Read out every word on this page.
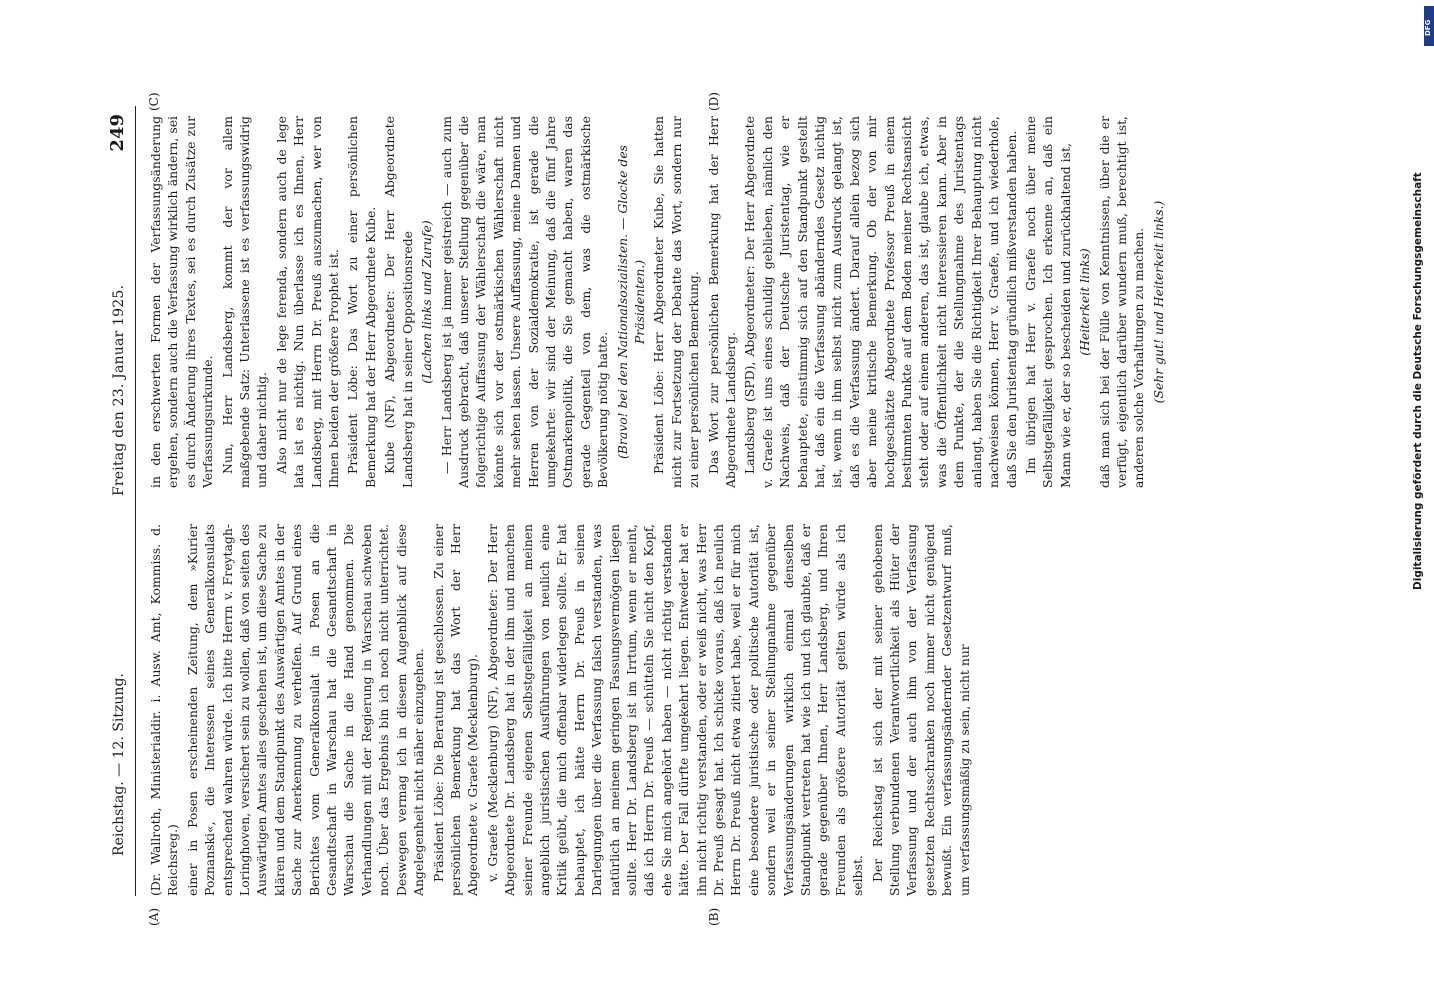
Reichstag. — 12. Sitzung.
Freitag den 23. Januar 1925.
249
(A)	(B)
(C)	(D)

(Dr. Wallroth, Ministerialdir. i. Ausw. Amt, Kommiss. d. Reichsreg.) einer in Posen erscheinenden Zeitung, dem »Kurier Poznanski«, die Interessen seines Generalkonsulats entsprechend wahren würde. Ich bitte Herrn v. Freytagh-Loringhoven, versichert sein zu wollen, daß von seiten des Auswärtigen Amtes alles geschehen ist, um diese Sache zu klären und dem Standpunkt des Auswärtigen Amtes in der Sache zur Anerkennung zu verhelfen. Auf Grund eines Berichtes vom Generalkonsulat in Posen an die Gesandtschaft in Warschau hat die Gesandtschaft in Warschau die Sache in die Hand genommen. Die Verhandlungen mit der Regierung in Warschau schweben noch. Über das Ergebnis bin ich noch nicht unterrichtet. Deswegen vermag ich in diesem Augenblick auf diese Angelegenheit nicht näher einzugehen. Präsident Löbe: Die Beratung ist geschlossen. Zu einer persönlichen Bemerkung hat das Wort der Herr Abgeordnete v. Graefe (Mecklenburg). v. Graefe (Mecklenburg) (NF), Abgeordneter: Der Herr Abgeordnete Dr. Landsberg hat in der ihm und manchen seiner Freunde eigenen Selbstgefälligkeit an meinen angeblich juristischen Ausführungen von neulich eine Kritik geübt, die mich offenbar widerlegen sollte. Er hat behauptet, ich hätte Herrn Dr. Preuß in seinen Darlegungen über die Verfassung falsch verstanden, was natürlich an meinem geringen Fassungsvermögen liegen sollte. Herr Dr. Landsberg ist im Irrtum, wenn er meint, daß ich Herrn Dr. Preuß — schütteln Sie nicht den Kopf, ehe Sie mich angehört haben — nicht richtig verstanden hätte. Der Fall dürfte umgekehrt liegen. Entweder hat er ihn nicht richtig verstanden, oder er weiß nicht, was Herr Dr. Preuß gesagt hat. Ich schicke voraus, daß ich neulich Herrn Dr. Preuß nicht etwa zitiert habe, weil er für mich eine besondere juristische oder politische Autorität ist, sondern weil er in seiner Stellungnahme gegenüber Verfassungsänderungen wirklich einmal denselben Standpunkt vertreten hat wie ich und ich glaubte, daß er gerade gegenüber Ihnen, Herr Landsberg, und Ihren Freunden als größere Autorität gelten würde als ich selbst. Der Reichstag ist sich der mit seiner gehobenen Stellung verbundenen Verantwortlichkeit als Hüter der Verfassung und der auch ihm von der Verfassung gesetzten Rechtsschranken noch immer nicht genügend bewußt. Ein verfassungsändernder Gesetzentwurf muß, um verfassungsmäßig zu sein, nicht nur

in den erschwerten Formen der Verfassungsänderung ergehen, sondern auch die Verfassung wirklich ändern, sei es durch Änderung ihres Textes, sei es durch Zusätze zur Verfassungsurkunde. Nun, Herr Landsberg, kommt der vor allem maßgebende Satz: Unterlassene ist es verfassungswidrig und daher nichtig. Also nicht nur de lege ferenda, sondern auch de lege lata ist es nichtig. Nun überlasse ich es Ihnen, Herr Landsberg, mit Herrn Dr. Preuß auszumachen, wer von Ihnen beiden der größere Prophet ist. Präsident Löbe: Das Wort zu einer persönlichen Bemerkung hat der Herr Abgeordnete Kube. Kube (NF), Abgeordneter: Der Herr Abgeordnete Landsberg hat in seiner Oppositionsrede (Lachen links und Zurufe) — Herr Landsberg ist ja immer geistreich — auch zum Ausdruck gebracht, daß unserer Stellung gegenüber die folgerichtige Auffassung der Wählerschaft die wäre, man könnte sich vor der ostmärkischen Wählerschaft nicht mehr sehen lassen. Unsere Auffassung, meine Damen und Herren von der Sozialdemokratie, ist gerade die umgekehrte: wir sind der Meinung, daß die fünf Jahre Ostmarkenpolitik, die Sie gemacht haben, waren das gerade Gegenteil von dem, was die ostmärkische Bevölkerung nötig hatte. (Bravo! bei den Nationalsozialisten. — Glocke des Präsidenten.) Präsident Löbe: Herr Abgeordneter Kube, Sie hatten nicht zur Fortsetzung der Debatte das Wort, sondern nur zu einer persönlichen Bemerkung. Das Wort zur persönlichen Bemerkung hat der Herr Abgeordnete Landsberg. Landsberg (SPD), Abgeordneter: Der Herr Abgeordnete v. Graefe ist uns eines schuldig geblieben, nämlich den Nachweis, daß der Deutsche Juristentag, wie er behauptete, einstimmig sich auf den Standpunkt gestellt hat, daß ein die Verfassung abänderndes Gesetz nichtig ist, wenn in ihm selbst nicht zum Ausdruck gelangt ist, daß es die Verfassung ändert. Darauf allein bezog sich aber meine kritische Bemerkung. Ob der von mir hochgeschätzte Abgeordnete Professor Preuß in einem bestimmten Punkte auf dem Boden meiner Rechtsansicht steht oder auf einem anderen, das ist, glaube ich, etwas, was die Öffentlichkeit nicht interessieren kann. Aber in dem Punkte, der die Stellungnahme des Juristentags anlangt, haben Sie die Richtigkeit Ihrer Behauptung nicht nachweisen können, Herr v. Graefe, und ich wiederhole, daß Sie den Juristentag gründlich mißverstanden haben. Im übrigen hat Herr v. Graefe noch über meine Selbstgefälligkeit gesprochen. Ich erkenne an, daß ein Mann wie er, der so bescheiden und zurückhaltend ist, (Heiterkeit links) daß man sich bei der Fülle von Kenntnissen, über die er verfügt, eigentlich darüber wundern muß, berechtigt ist, anderen solche Vorhaltungen zu machen. (Sehr gut! und Heiterkeit links.)	Digitalisierung gefördert durch die Deutsche Forschungsgemeinschaft
DFG
